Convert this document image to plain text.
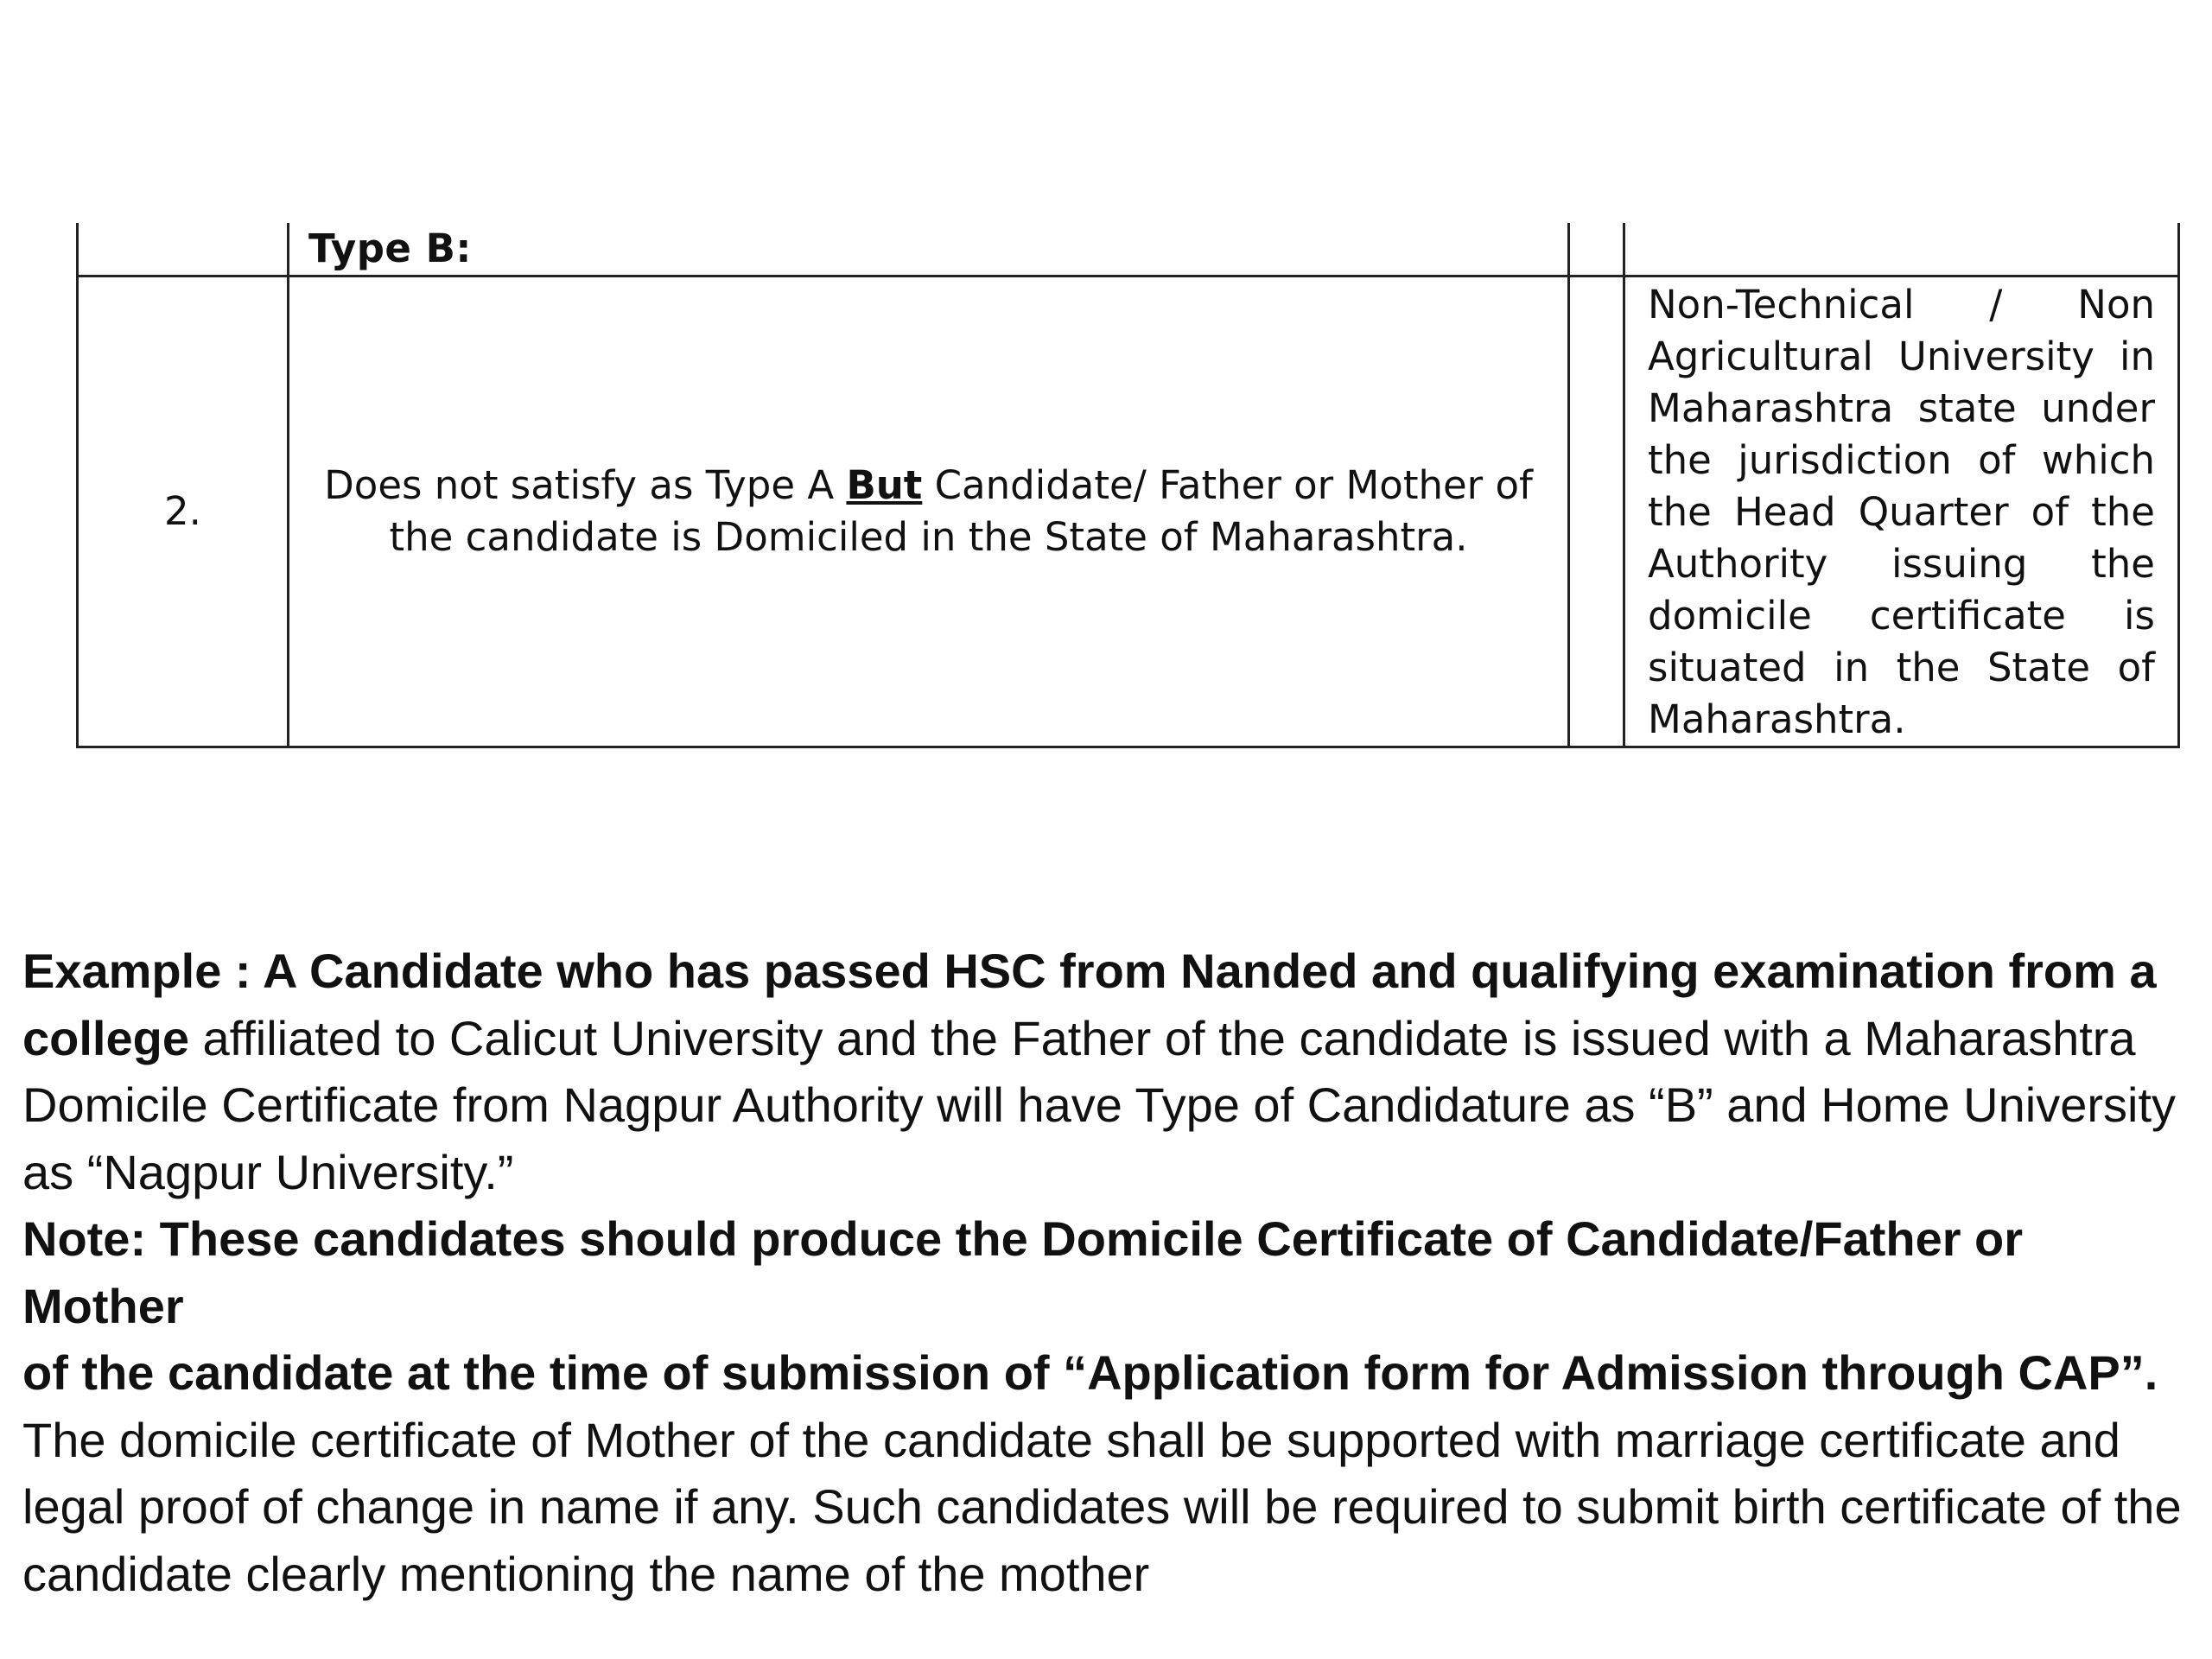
	Type B:		
2.	Does not satisfy as Type A But Candidate/ Father or Mother of the candidate is Domiciled in the State of Maharashtra.		Non-Technical / Non Agricultural University in Maharashtra state under the jurisdiction of which the Head Quarter of the Authority issuing the domicile certificate is situated in the State of Maharashtra.

Example : A Candidate who has passed HSC from Nanded and qualifying examination from a college affiliated to Calicut University and the Father of the candidate is issued with a Maharashtra Domicile Certificate from Nagpur Authority will have Type of Candidature as “B” and Home University as “Nagpur University.”

Note: These candidates should produce the Domicile Certificate of Candidate/Father or Mother

of the candidate at the time of submission of “Application form for Admission through CAP”.

The domicile certificate of Mother of the candidate shall be supported with marriage certificate and legal proof of change in name if any. Such candidates will be required to submit birth certificate of the candidate clearly mentioning the name of the mother
